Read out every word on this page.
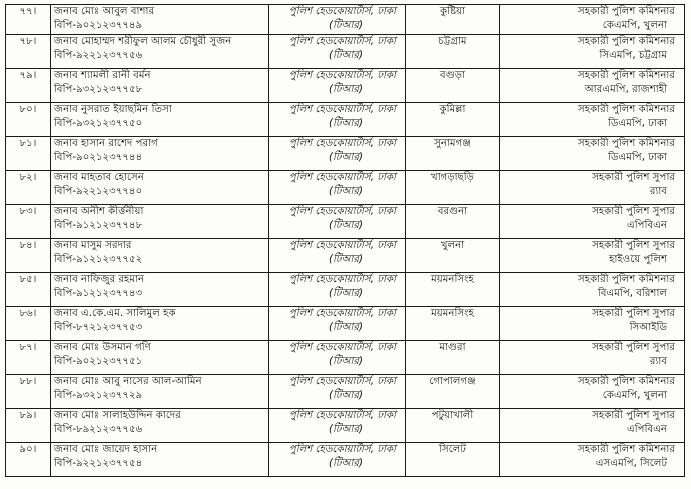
৭৭।	জনাব মোঃ আবুল বাশার
বিপি-৯০২১২৩৭৭৪৯	পুলিশ হেডকোয়ার্টার্স, ঢাকা
(টিআর)	কুষ্টিয়া	সহকারী পুলিশ কমিশনার
কেএমপি, খুলনা

৭৮।	জনাব মোহাম্মদ শরীফুল আলম চৌধুরী সুজন
বিপি-৯২২১২৩৭৭৫৬	পুলিশ হেডকোয়ার্টার্স, ঢাকা
(টিআর)	চট্টগ্রাম	সহকারী পুলিশ কমিশনার
সিএমপি, চট্টগ্রাম

৭৯।	জনাব শ্যামলী রানী বর্মন
বিপি-৯৩২১২৩৭৭৫৮	পুলিশ হেডকোয়ার্টার্স, ঢাকা
(টিআর)	বগুড়া	সহকারী পুলিশ কমিশনার
আরএমপি, রাজশাহী

৮০।	জনাব নুসরাত ইয়াছমিন তিসা
বিপি-৯৩২১২৩৭৭৫০	পুলিশ হেডকোয়ার্টার্স, ঢাকা
(টিআর)	কুমিল্লা	সহকারী পুলিশ কমিশনার
ডিএমপি, ঢাকা

৮১।	জনাব হাসান রাশেদ পরাগ
বিপি-৯০২১২৩৭৭৪৪	পুলিশ হেডকোয়ার্টার্স, ঢাকা
(টিআর)	সুনামগঞ্জ	সহকারী পুলিশ কমিশনার
ডিএমপি, ঢাকা

৮২।	জনাব মাহতাব হোসেন
বিপি-৯২২১২৩৭৭৪০	পুলিশ হেডকোয়ার্টার্স, ঢাকা
(টিআর)	খাগড়াছড়ি	সহকারী পুলিশ সুপার
র‌্যাব

৮৩।	জনাব অনীশ কীর্ত্তনীয়া
বিপি-৯১২১২৩৭৭৪৮	পুলিশ হেডকোয়ার্টার্স, ঢাকা
(টিআর)	বরগুনা	সহকারী পুলিশ সুপার
এপিবিএন

৮৪।	জনাব মাসুম সরদার
বিপি-৯১২১২৩৭৭৫২	পুলিশ হেডকোয়ার্টার্স, ঢাকা
(টিআর)	খুলনা	সহকারী পুলিশ সুপার
হাইওয়ে পুলিশ

৮৫।	জনাব নাফিজুর রহমান
বিপি-৯১২১২৩৭৭৪৩	পুলিশ হেডকোয়ার্টার্স, ঢাকা
(টিআর)	ময়মনসিংহ	সহকারী পুলিশ কমিশনার
বিএমপি, বরিশাল

৮৬।	জনাব এ.কে.এম. সালিমুল হক
বিপি-৮৭২১২৩৭৭৫৩	পুলিশ হেডকোয়ার্টার্স, ঢাকা
(টিআর)	ময়মনসিংহ	সহকারী পুলিশ সুপার
সিআইডি

৮৭।	জনাব মোঃ উসমান গণি
বিপি-৯০২১২৩৭৭৫১	পুলিশ হেডকোয়ার্টার্স, ঢাকা
(টিআর)	মাগুরা	সহকারী পুলিশ সুপার
র‌্যাব

৮৮।	জনাব মোঃ আবু নাসের আল-আমিন
বিপি-৯৩২১২৩৭৭২৯	পুলিশ হেডকোয়ার্টার্স, ঢাকা
(টিআর)	গোপালগঞ্জ	সহকারী পুলিশ কমিশনার
কেএমপি, খুলনা

৮৯।	জনাব মোঃ সালাহউদ্দিন কাদের
বিপি-৮৯২১২৩৭৭৫৬	পুলিশ হেডকোয়ার্টার্স, ঢাকা
(টিআর)	পটুয়াখালী	সহকারী পুলিশ সুপার
এপিবিএন

৯০।	জনাব মোঃ জায়েদ হাসান
বিপি-৯২২১২৩৭৭৫৪	পুলিশ হেডকোয়ার্টার্স, ঢাকা
(টিআর)	সিলেট	সহকারী পুলিশ কমিশনার
এসএমপি, সিলেট
